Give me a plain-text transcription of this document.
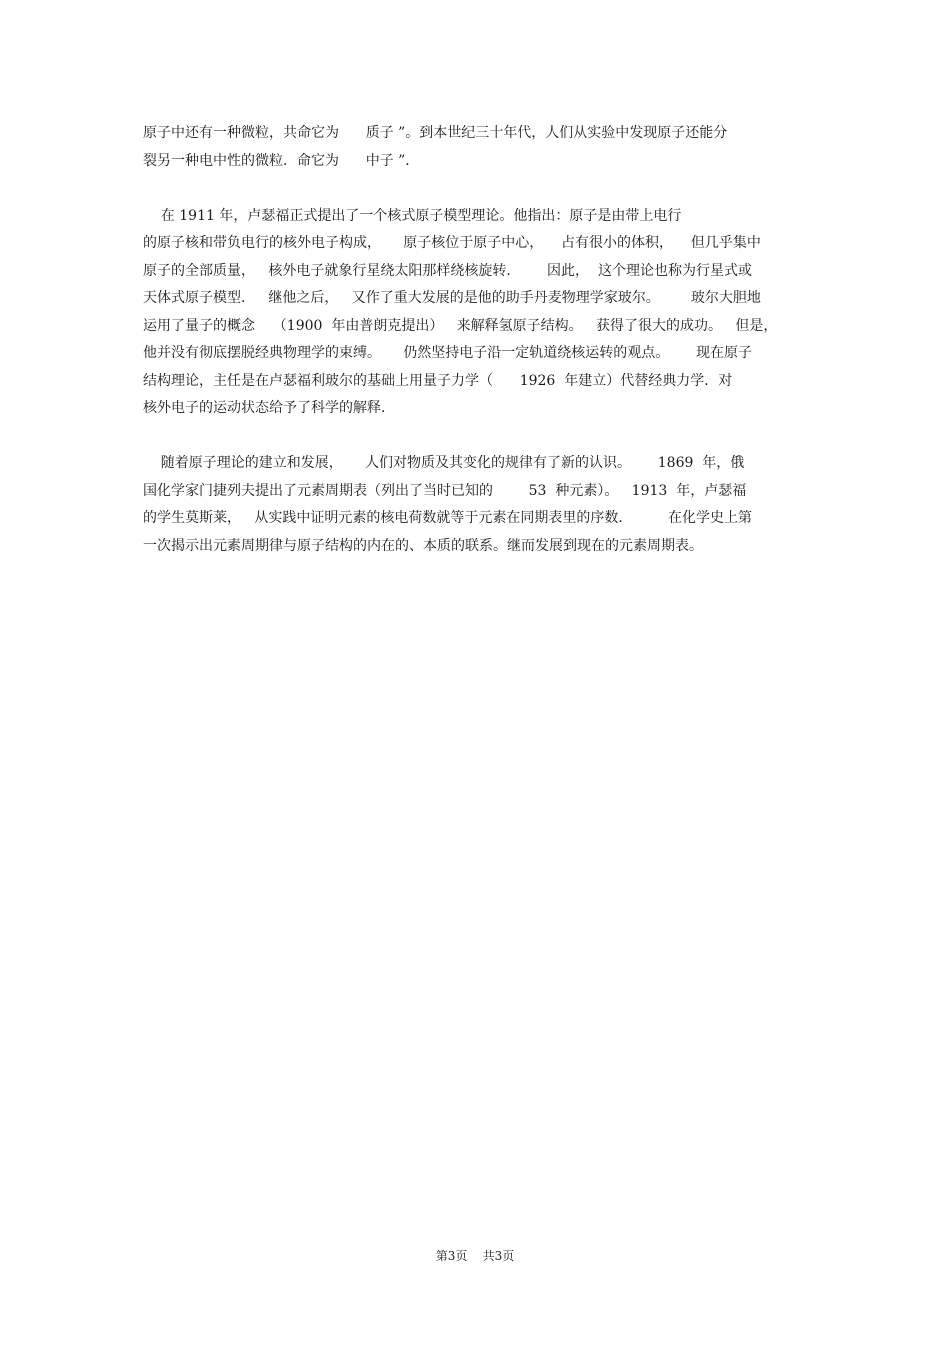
原子中还有一种微粒，共命它为      质子 ”。到本世纪三十年代，人们从实验中发现原子还能分
裂另一种电中性的微粒．命它为      中子 ”．
在 1911 年，卢瑟福正式提出了一个核式原子模型理论。他指出：原子是由带上电行
的原子核和带负电行的核外电子构成，     原子核位于原子中心，    占有很小的体积，    但几乎集中
原子的全部质量，   核外电子就象行星绕太阳那样绕核旋转．      因此，  这个理论也称为行星式或
天体式原子模型．   继他之后，   又作了重大发展的是他的助手丹麦物理学家玻尔。       玻尔大胆地
运用了量子的概念    （1900  年由普朗克提出）   来解释氢原子结构。   获得了很大的成功。   但是，
他并没有彻底摆脱经典物理学的束缚。     仍然坚持电子沿一定轨道绕核运转的观点。      现在原子
结构理论，主任是在卢瑟福利玻尔的基础上用量子力学（      1926  年建立）代替经典力学．对
核外电子的运动状态给予了科学的解释．
随着原子理论的建立和发展，     人们对物质及其变化的规律有了新的认识。      1869  年，俄
国化学家门捷列夫提出了元素周期表（列出了当时已知的        53  种元素）。   1913  年，卢瑟福
的学生莫斯莱，   从实践中证明元素的核电荷数就等于元素在同期表里的序数．        在化学史上第
一次揭示出元素周期律与原子结构的内在的、本质的联系。继而发展到现在的元素周期表。
第3页    共3页
